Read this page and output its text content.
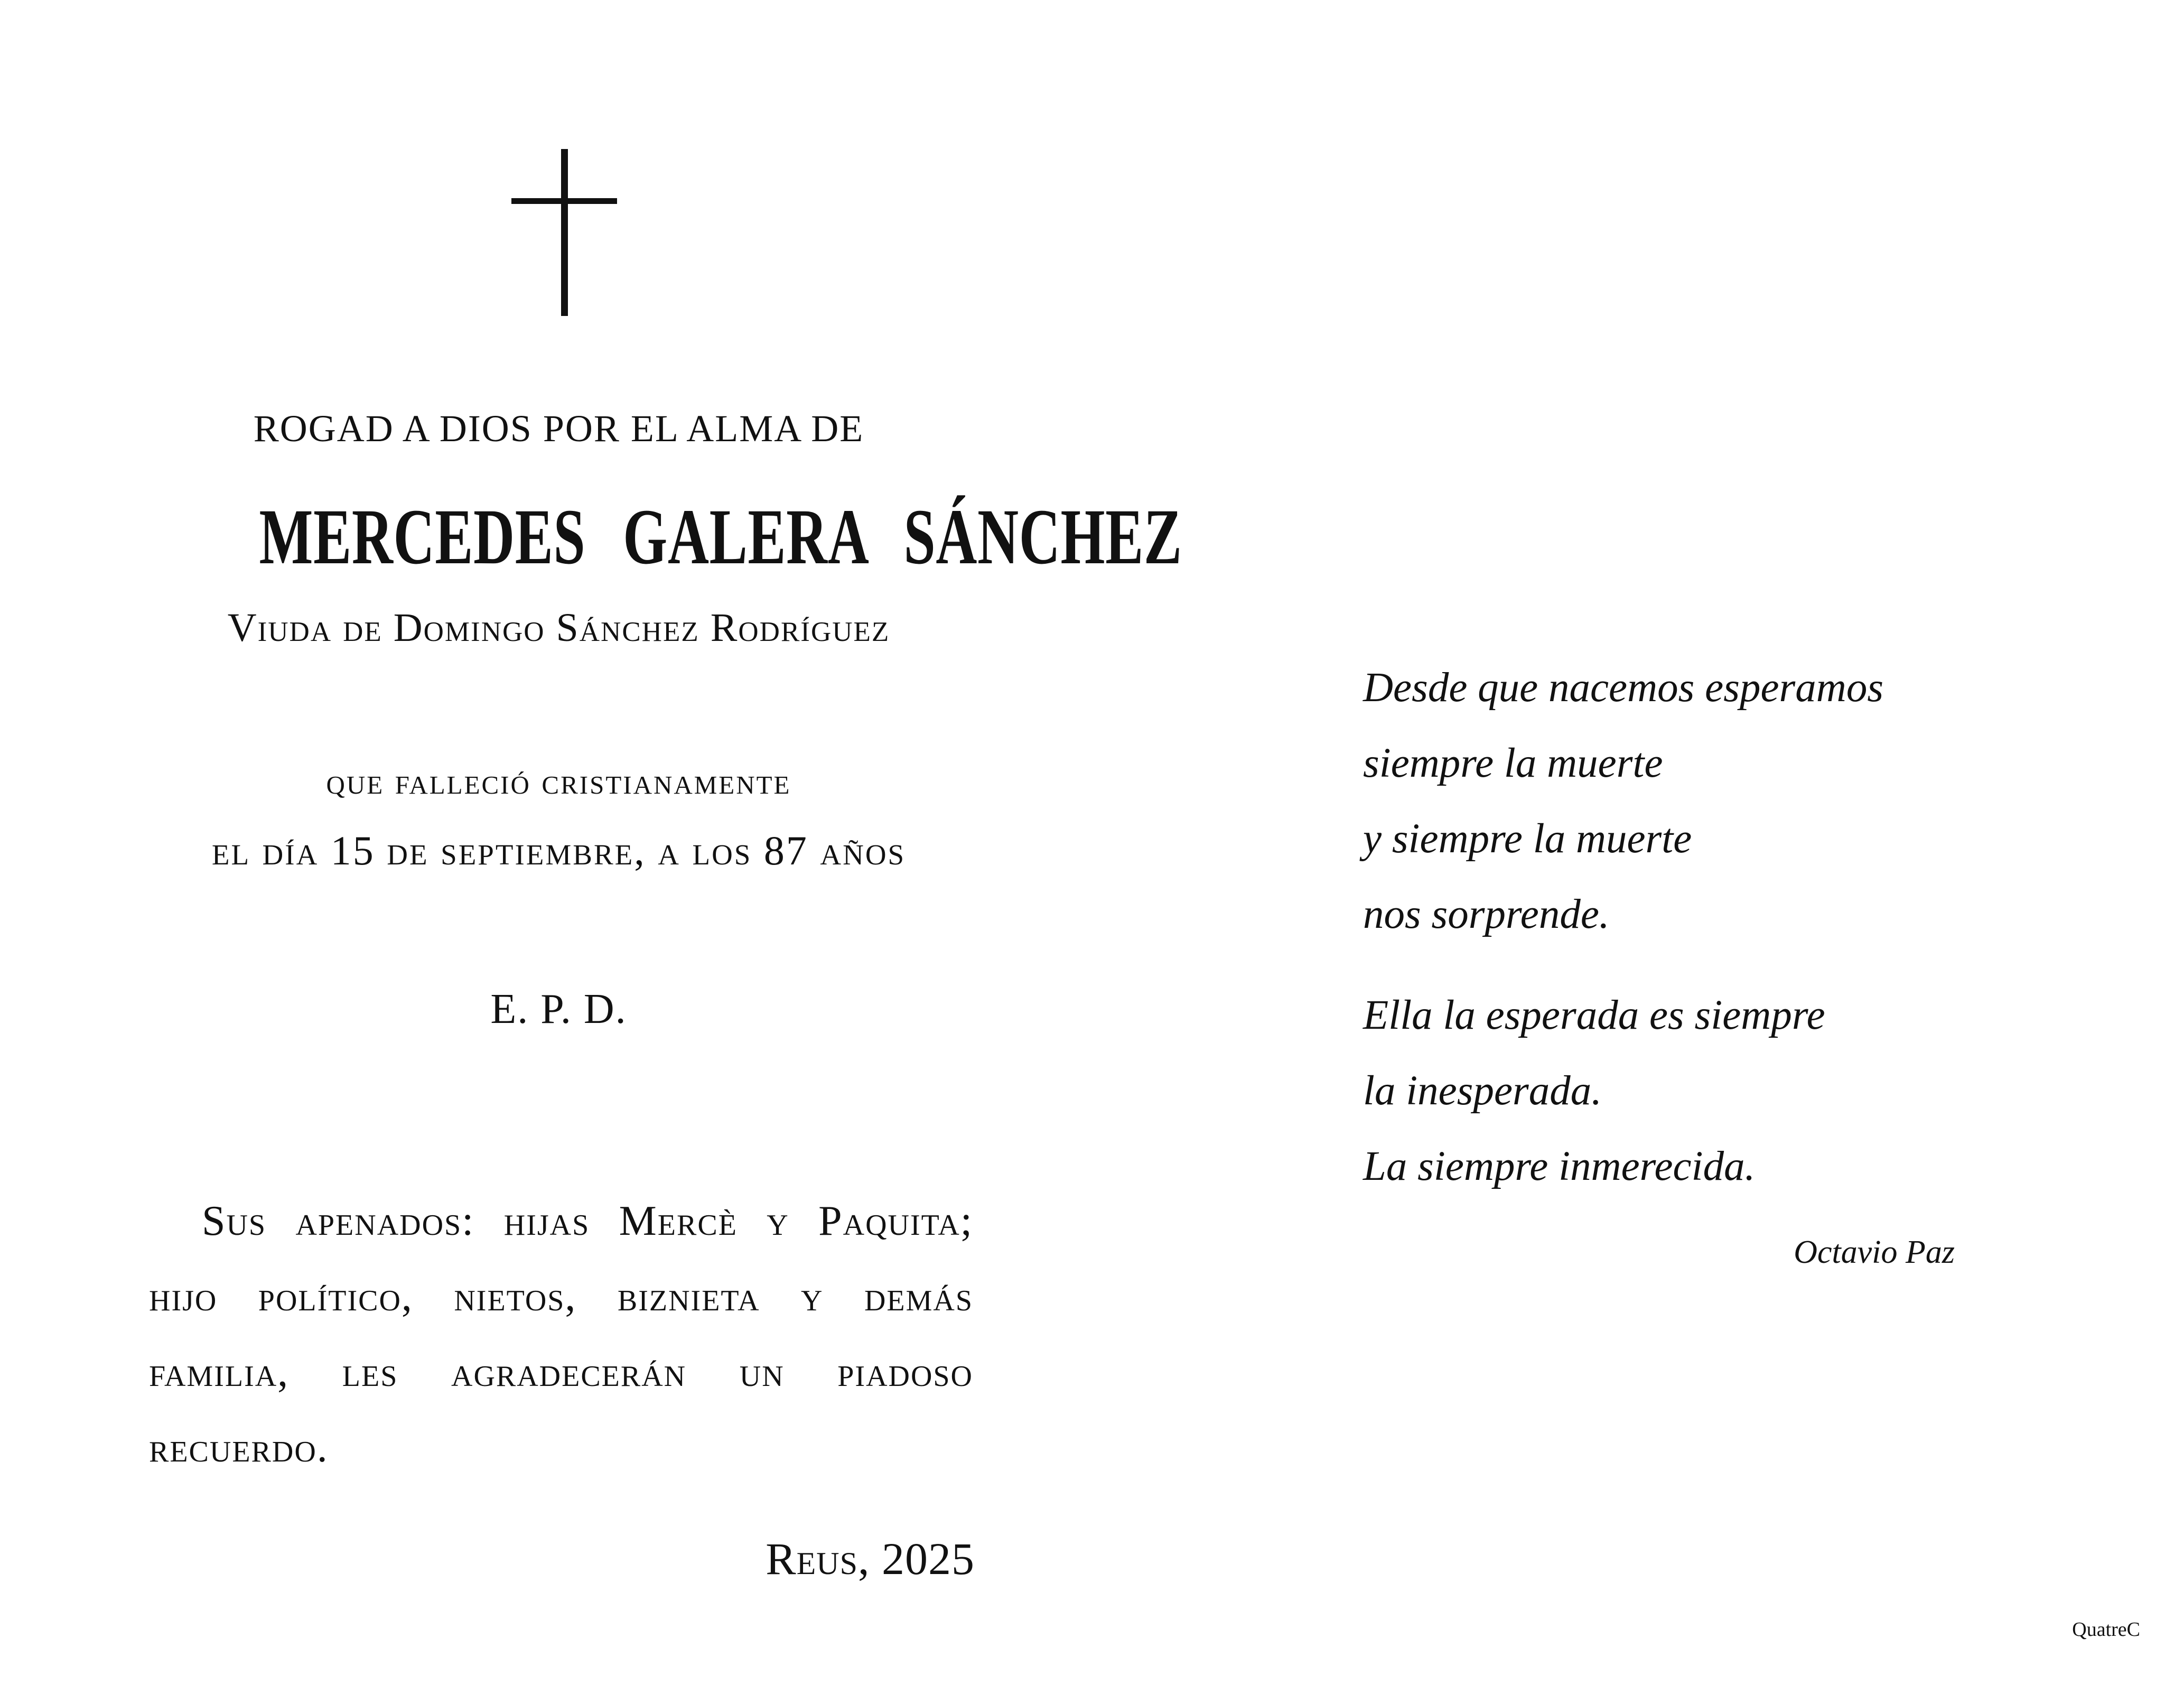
ROGAD A DIOS POR EL ALMA DE
MERCEDES GALERA SÁNCHEZ
Viuda de Domingo Sánchez Rodríguez
que falleció cristianamente
el día 15 de septiembre, a los 87 años
E. P. D.
Sus apenados: hijas Mercè y Paquita;
hijo político, nietos, biznieta y demás
familia, les agradecerán un piadoso
recuerdo.
Reus, 2025
Desde que nacemos esperamos
siempre la muerte
y siempre la muerte
nos sorprende.
Ella la esperada es siempre
la inesperada.
La siempre inmerecida.
Octavio Paz
QuatreC
